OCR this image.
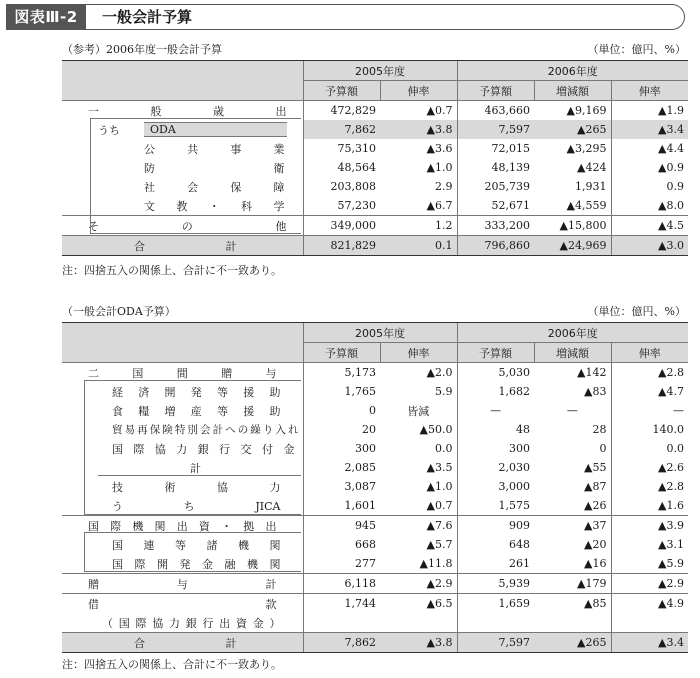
図表Ⅲ-2	一般会計予算
（参考）2006年度一般会計予算	（単位：億円、%）
	2005年度		2006年度		
	予算額	伸率	予算額	増減額	伸率

一般歳出	472,829	▲0.7	463,660	▲9,169	▲1.9

うち ODA	7,862	▲3.8	7,597	▲265	▲3.4

公共事業	75,310	▲3.6	72,015	▲3,295	▲4.4

防衛	48,564	▲1.0	48,139	▲424	▲0.9

社会保障	203,808	2.9	205,739	1,931	0.9

文教・科学	57,230	▲6.7	52,671	▲4,559	▲8.0

その他	349,000	1.2	333,200	▲15,800	▲4.5

合計	821,829	0.1	796,860	▲24,969	▲3.0
注：四捨五入の関係上、合計に不一致あり。
（一般会計ODA予算）	（単位：億円、%）
	2005年度		2006年度		
	予算額	伸率	予算額	増減額	伸率

二国間贈与	5,173	▲2.0	5,030	▲142	▲2.8

経済開発等援助	1,765	5.9	1,682	▲83	▲4.7

食糧増産等援助	0	皆減	—	—	—

貿易再保険特別会計への繰り入れ	20	▲50.0	48	28	140.0

国際協力銀行交付金	300	0.0	300	0	0.0

計	2,085	▲3.5	2,030	▲55	▲2.6

技術協力	3,087	▲1.0	3,000	▲87	▲2.8

うちJICA	1,601	▲0.7	1,575	▲26	▲1.6

国際機関出資・拠出	945	▲7.6	909	▲37	▲3.9

国連等諸機関	668	▲5.7	648	▲20	▲3.1

国際開発金融機関	277	▲11.8	261	▲16	▲5.9

贈与計	6,118	▲2.9	5,939	▲179	▲2.9

借款	1,744	▲6.5	1,659	▲85	▲4.9

（国際協力銀行出資金）					

合計	7,862	▲3.8	7,597	▲265	▲3.4
注：四捨五入の関係上、合計に不一致あり。
